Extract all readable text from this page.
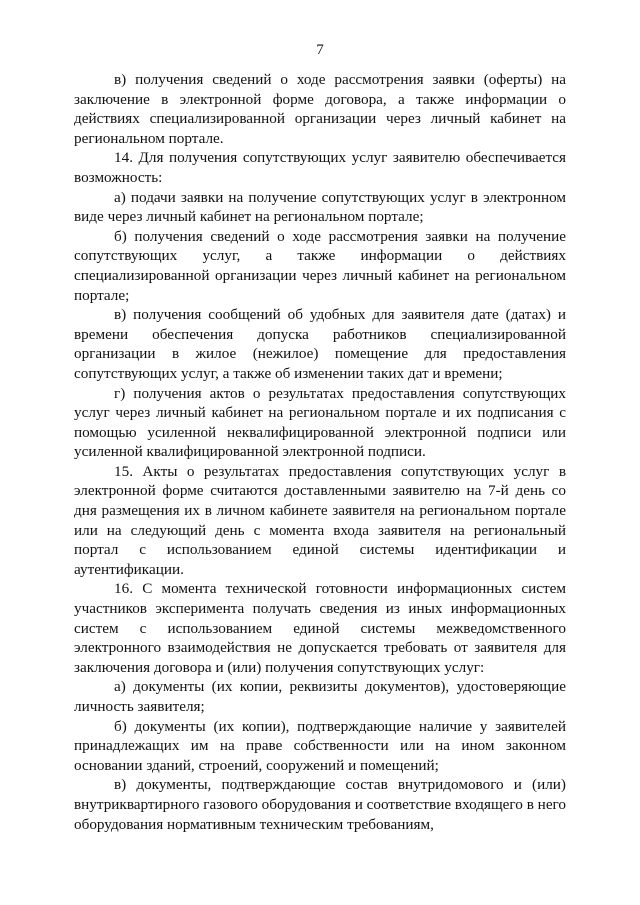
7

в) получения сведений о ходе рассмотрения заявки (оферты) на заключение в электронной форме договора, а также информации о действиях специализированной организации через личный кабинет на региональном портале.

14. Для получения сопутствующих услуг заявителю обеспечивается возможность:

а) подачи заявки на получение сопутствующих услуг в электронном виде через личный кабинет на региональном портале;

б) получения сведений о ходе рассмотрения заявки на получение сопутствующих услуг, а также информации о действиях специализированной организации через личный кабинет на региональном портале;

в) получения сообщений об удобных для заявителя дате (датах) и времени обеспечения допуска работников специализированной организации в жилое (нежилое) помещение для предоставления сопутствующих услуг, а также об изменении таких дат и времени;

г) получения актов о результатах предоставления сопутствующих услуг через личный кабинет на региональном портале и их подписания с помощью усиленной неквалифицированной электронной подписи или усиленной квалифицированной электронной подписи.

15. Акты о результатах предоставления сопутствующих услуг в электронной форме считаются доставленными заявителю на 7-й день со дня размещения их в личном кабинете заявителя на региональном портале или на следующий день с момента входа заявителя на региональный портал с использованием единой системы идентификации и аутентификации.

16. С момента технической готовности информационных систем участников эксперимента получать сведения из иных информационных систем с использованием единой системы межведомственного электронного взаимодействия не допускается требовать от заявителя для заключения договора и (или) получения сопутствующих услуг:

а) документы (их копии, реквизиты документов), удостоверяющие личность заявителя;

б) документы (их копии), подтверждающие наличие у заявителей принадлежащих им на праве собственности или на ином законном основании зданий, строений, сооружений и помещений;

в) документы, подтверждающие состав внутридомового и (или) внутриквартирного газового оборудования и соответствие входящего в него оборудования нормативным техническим требованиям,
